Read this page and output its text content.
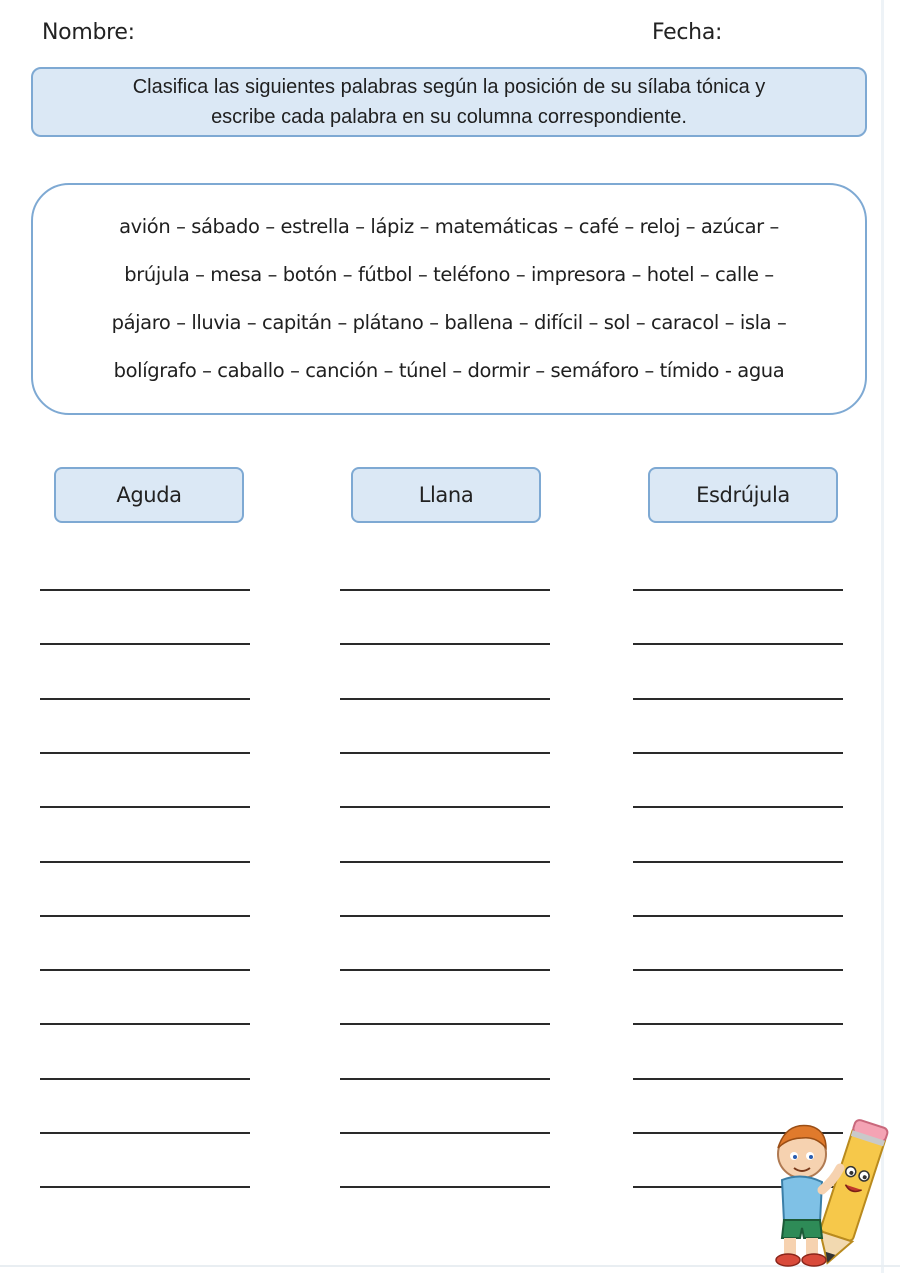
Nombre:	Fecha:
Clasifica las siguientes palabras según la posición de su sílaba tónica y
escribe cada palabra en su columna correspondiente.
avión – sábado – estrella – lápiz – matemáticas – café – reloj – azúcar –
brújula – mesa – botón – fútbol – teléfono – impresora – hotel – calle –
pájaro – lluvia – capitán – plátano – ballena – difícil – sol – caracol – isla –
bolígrafo – caballo – canción – túnel – dormir – semáforo – tímido - agua
Aguda	Llana	Esdrújula
